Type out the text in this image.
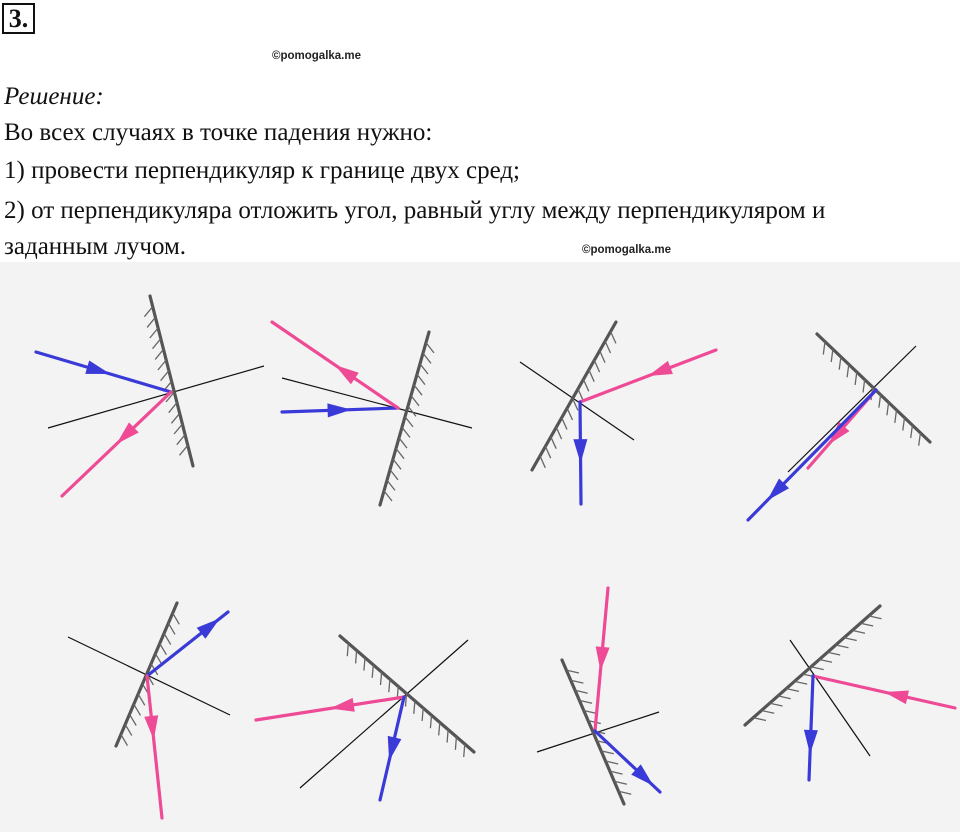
3.
©pomogalka.me
Решение:
Во всех случаях в точке падения нужно:
1) провести перпендикуляр к границе двух сред;
2) от перпендикуляра отложить угол, равный углу между перпендикуляром и
заданным лучом.	©pomogalka.me
